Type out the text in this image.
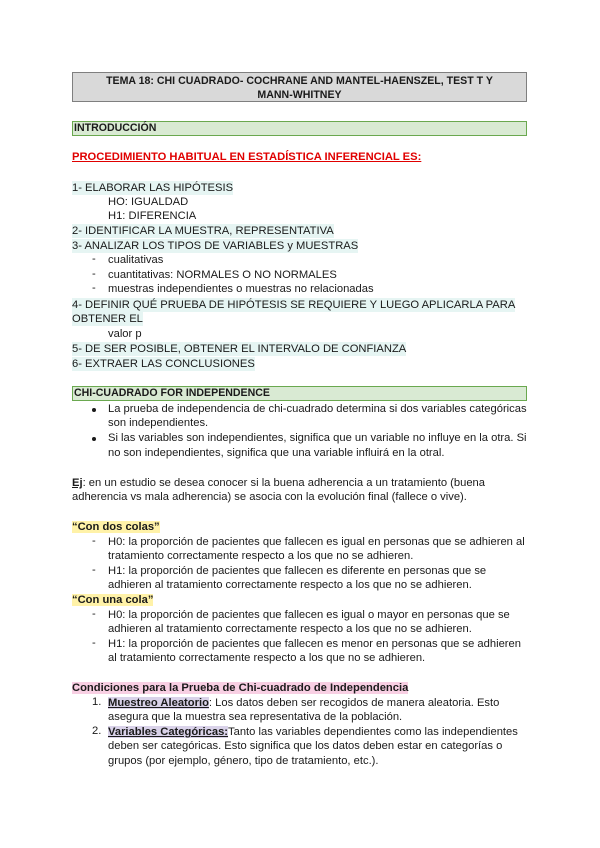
TEMA 18: CHI CUADRADO- COCHRANE AND MANTEL-HAENSZEL, TEST T Y
MANN-WHITNEY
INTRODUCCIÓN
PROCEDIMIENTO HABITUAL EN ESTADÍSTICA INFERENCIAL ES:
1- ELABORAR LAS HIPÓTESIS
HO: IGUALDAD
H1: DIFERENCIA
2- IDENTIFICAR LA MUESTRA, REPRESENTATIVA
3- ANALIZAR LOS TIPOS DE VARIABLES y MUESTRAS
- cualitativas
- cuantitativas: NORMALES O NO NORMALES
- muestras independientes o muestras no relacionadas
4- DEFINIR QUÉ PRUEBA DE HIPÓTESIS SE REQUIERE Y LUEGO APLICARLA PARA
OBTENER EL
valor p
5- DE SER POSIBLE, OBTENER EL INTERVALO DE CONFIANZA
6- EXTRAER LAS CONCLUSIONES
CHI-CUADRADO FOR INDEPENDENCE
La prueba de independencia de chi-cuadrado determina si dos variables categóricas
son independientes.
Si las variables son independientes, significa que un variable no influye en la otra. Si
no son independientes, significa que una variable influirá en la otral.
Ej: en un estudio se desea conocer si la buena adherencia a un tratamiento (buena
adherencia vs mala adherencia) se asocia con la evolución final (fallece o vive).
“Con dos colas”
- H0: la proporción de pacientes que fallecen es igual en personas que se adhieren al
tratamiento correctamente respecto a los que no se adhieren.
- H1: la proporción de pacientes que fallecen es diferente en personas que se
adhieren al tratamiento correctamente respecto a los que no se adhieren.
“Con una cola”
- H0: la proporción de pacientes que fallecen es igual o mayor en personas que se
adhieren al tratamiento correctamente respecto a los que no se adhieren.
- H1: la proporción de pacientes que fallecen es menor en personas que se adhieren
al tratamiento correctamente respecto a los que no se adhieren.
Condiciones para la Prueba de Chi-cuadrado de Independencia
1. Muestreo Aleatorio: Los datos deben ser recogidos de manera aleatoria. Esto
asegura que la muestra sea representativa de la población.
2. Variables Categóricas:Tanto las variables dependientes como las independientes
deben ser categóricas. Esto significa que los datos deben estar en categorías o
grupos (por ejemplo, género, tipo de tratamiento, etc.).
